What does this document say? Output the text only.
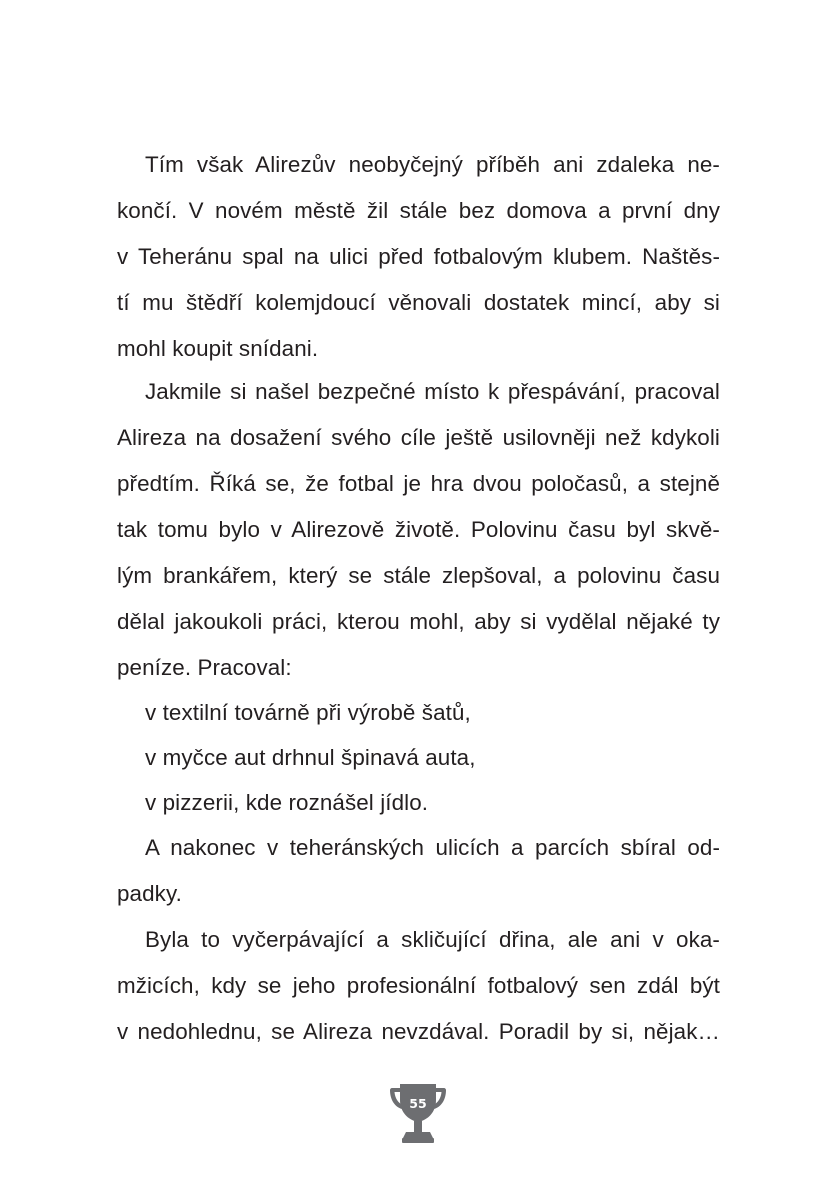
Tím však Alirezův neobyčejný příběh ani zdaleka ne-
končí. V novém městě žil stále bez domova a první dny
v Teheránu spal na ulici před fotbalovým klubem. Naštěs-
tí mu štědří kolemjdoucí věnovali dostatek mincí, aby si
mohl koupit snídani.
Jakmile si našel bezpečné místo k přespávání, pracoval
Alireza na dosažení svého cíle ještě usilovněji než kdykoli
předtím. Říká se, že fotbal je hra dvou poločasů, a stejně
tak tomu bylo v Alirezově životě. Polovinu času byl skvě-
lým brankářem, který se stále zlepšoval, a polovinu času
dělal jakoukoli práci, kterou mohl, aby si vydělal nějaké ty
peníze. Pracoval:
v textilní továrně při výrobě šatů,
v myčce aut drhnul špinavá auta,
v pizzerii, kde roznášel jídlo.
A nakonec v teheránských ulicích a parcích sbíral od-
padky.
Byla to vyčerpávající a skličující dřina, ale ani v oka-
mžicích, kdy se jeho profesionální fotbalový sen zdál být
v nedohlednu, se Alireza nevzdával. Poradil by si, nějak…
55
